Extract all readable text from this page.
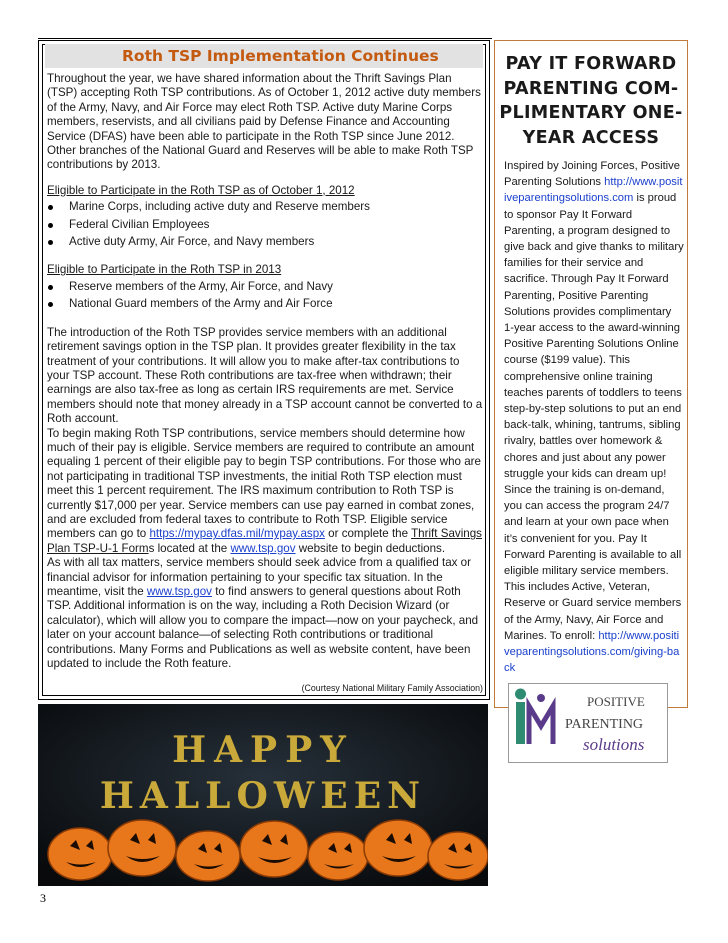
Roth TSP Implementation Continues

Throughout the year, we have shared information about the Thrift Savings Plan (TSP) accepting Roth TSP contributions. As of October 1, 2012 active duty members of the Army, Navy, and Air Force may elect Roth TSP. Active duty Marine Corps members, reservists, and all civilians paid by Defense Finance and Accounting Service (DFAS) have been able to participate in the Roth TSP since June 2012. Other branches of the National Guard and Reserves will be able to make Roth TSP contributions by 2013.

Eligible to Participate in the Roth TSP as of October 1, 2012

Marine Corps, including active duty and Reserve members
Federal Civilian Employees
Active duty Army, Air Force, and Navy members

Eligible to Participate in the Roth TSP in 2013

Reserve members of the Army, Air Force, and Navy
National Guard members of the Army and Air Force

The introduction of the Roth TSP provides service members with an additional retirement savings option in the TSP plan. It provides greater flexibility in the tax treatment of your contributions. It will allow you to make after-tax contributions to your TSP account. These Roth contributions are tax-free when withdrawn; their earnings are also tax-free as long as certain IRS requirements are met. Service members should note that money already in a TSP account cannot be converted to a Roth account.

To begin making Roth TSP contributions, service members should determine how much of their pay is eligible. Service members are required to contribute an amount equaling 1 percent of their eligible pay to begin TSP contributions. For those who are not participating in traditional TSP investments, the initial Roth TSP election must meet this 1 percent requirement. The IRS maximum contribution to Roth TSP is currently $17,000 per year. Service members can use pay earned in combat zones, and are excluded from federal taxes to contribute to Roth TSP. Eligible service members can go to https://mypay.dfas.mil/mypay.aspx or complete the Thrift Savings Plan TSP-U-1 Forms located at the www.tsp.gov website to begin deductions.

As with all tax matters, service members should seek advice from a qualified tax or financial advisor for information pertaining to your specific tax situation. In the meantime, visit the www.tsp.gov to find answers to general questions about Roth TSP. Additional information is on the way, including a Roth Decision Wizard (or calculator), which will allow you to compare the impact—now on your paycheck, and later on your account balance—of selecting Roth contributions or traditional contributions. Many Forms and Publications as well as website content, have been updated to include the Roth feature.

(Courtesy National Military Family Association)
PAY IT FORWARD
PARENTING COM-
PLIMENTARY ONE-
YEAR ACCESS
Inspired by Joining Forces, Positive Parenting Solutions http://www.positiveparentingsolutions.com is proud to sponsor Pay It Forward Parenting, a program designed to give back and give thanks to military families for their service and sacrifice. Through Pay It Forward Parenting, Positive Parenting Solutions provides complimentary 1-year access to the award-winning Positive Parenting Solutions Online course ($199 value). This comprehensive online training teaches parents of toddlers to teens step-by-step solutions to put an end back-talk, whining, tantrums, sibling rivalry, battles over homework & chores and just about any power struggle your kids can dream up! Since the training is on-demand, you can access the program 24/7 and learn at your own pace when it’s convenient for you. Pay It Forward Parenting is available to all eligible military service members. This includes Active, Veteran, Reserve or Guard service members of the Army, Navy, Air Force and Marines. To enroll: http://www.positiveparentingsolutions.com/giving-back
POSITIVE
PARENTING
solutions
HAPPY
HALLOWEEN
3
